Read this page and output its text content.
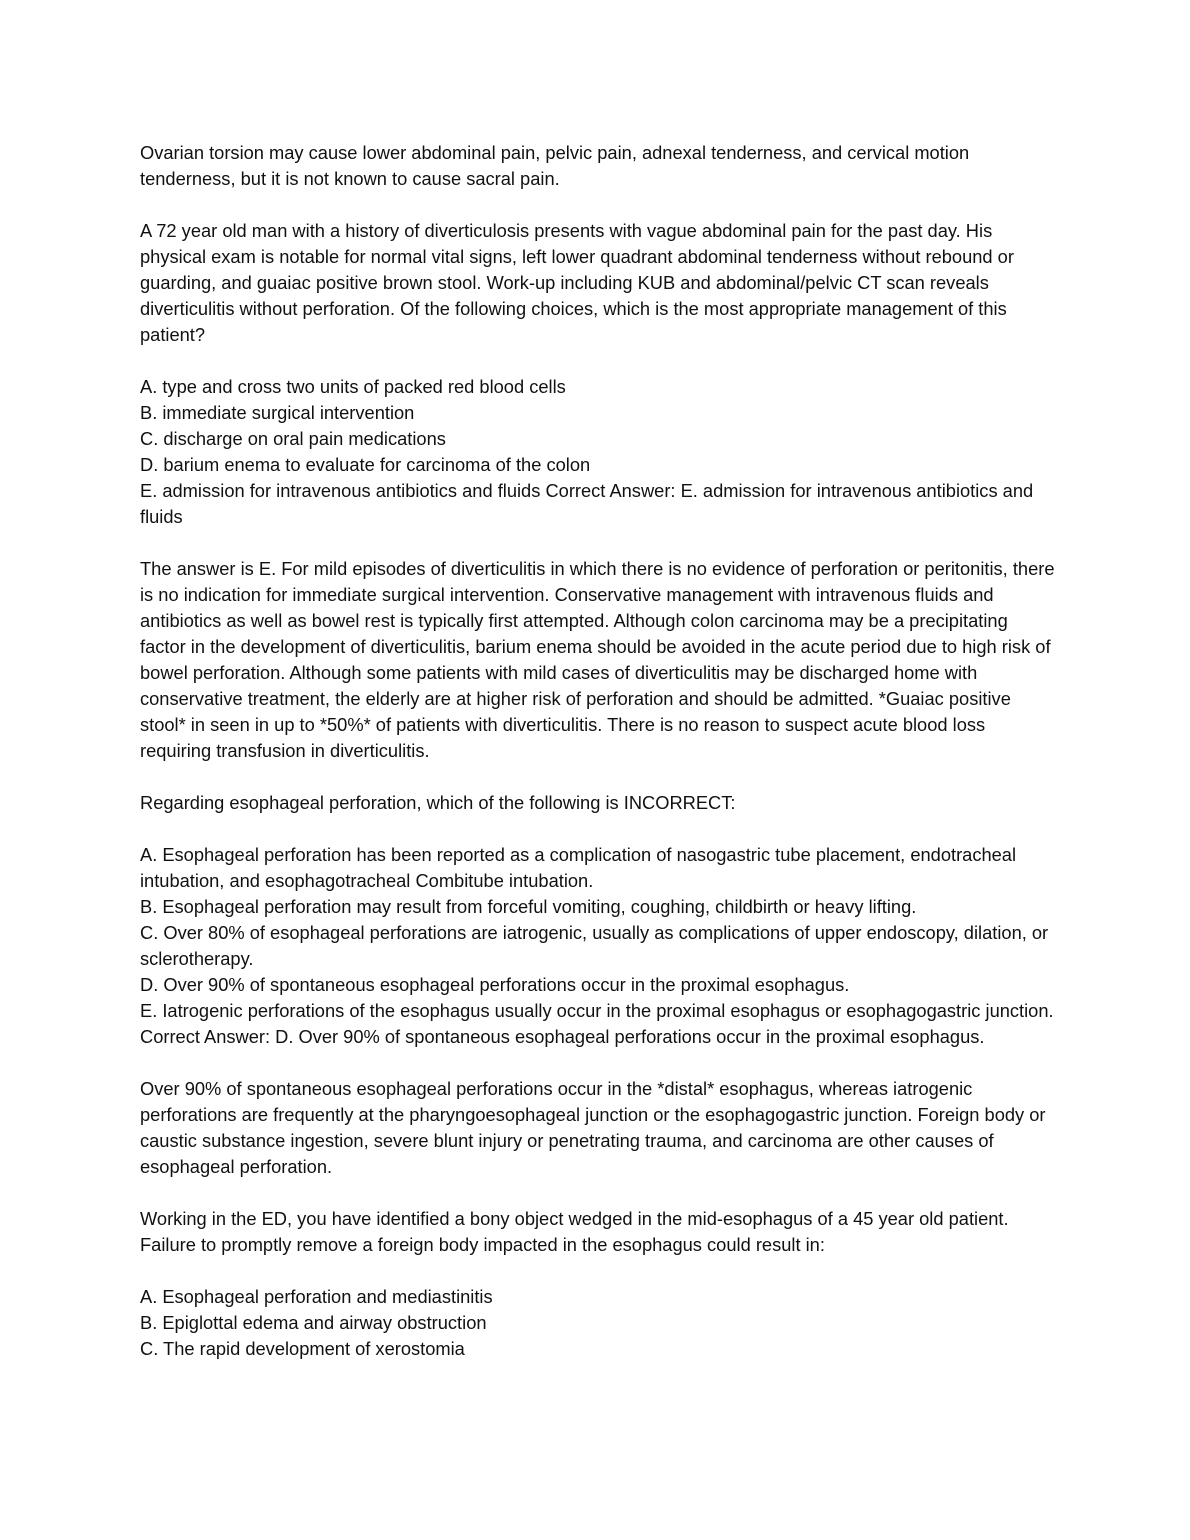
Ovarian torsion may cause lower abdominal pain, pelvic pain, adnexal tenderness, and cervical motion tenderness, but it is not known to cause sacral pain.

A 72 year old man with a history of diverticulosis presents with vague abdominal pain for the past day. His physical exam is notable for normal vital signs, left lower quadrant abdominal tenderness without rebound or guarding, and guaiac positive brown stool. Work-up including KUB and abdominal/pelvic CT scan reveals diverticulitis without perforation. Of the following choices, which is the most appropriate management of this patient?

A. type and cross two units of packed red blood cells

B. immediate surgical intervention

C. discharge on oral pain medications

D. barium enema to evaluate for carcinoma of the colon

E. admission for intravenous antibiotics and fluids Correct Answer: E. admission for intravenous antibiotics and fluids

The answer is E. For mild episodes of diverticulitis in which there is no evidence of perforation or peritonitis, there is no indication for immediate surgical intervention. Conservative management with intravenous fluids and antibiotics as well as bowel rest is typically first attempted. Although colon carcinoma may be a precipitating factor in the development of diverticulitis, barium enema should be avoided in the acute period due to high risk of bowel perforation. Although some patients with mild cases of diverticulitis may be discharged home with conservative treatment, the elderly are at higher risk of perforation and should be admitted. *Guaiac positive stool* in seen in up to *50%* of patients with diverticulitis. There is no reason to suspect acute blood loss requiring transfusion in diverticulitis.

Regarding esophageal perforation, which of the following is INCORRECT:

A. Esophageal perforation has been reported as a complication of nasogastric tube placement, endotracheal intubation, and esophagotracheal Combitube intubation.

B. Esophageal perforation may result from forceful vomiting, coughing, childbirth or heavy lifting.

C. Over 80% of esophageal perforations are iatrogenic, usually as complications of upper endoscopy, dilation, or sclerotherapy.

D. Over 90% of spontaneous esophageal perforations occur in the proximal esophagus.

E. Iatrogenic perforations of the esophagus usually occur in the proximal esophagus or esophagogastric junction. Correct Answer: D. Over 90% of spontaneous esophageal perforations occur in the proximal esophagus.

Over 90% of spontaneous esophageal perforations occur in the *distal* esophagus, whereas iatrogenic perforations are frequently at the pharyngoesophageal junction or the esophagogastric junction. Foreign body or caustic substance ingestion, severe blunt injury or penetrating trauma, and carcinoma are other causes of esophageal perforation.

Working in the ED, you have identified a bony object wedged in the mid-esophagus of a 45 year old patient. Failure to promptly remove a foreign body impacted in the esophagus could result in:

A. Esophageal perforation and mediastinitis

B. Epiglottal edema and airway obstruction

C. The rapid development of xerostomia
